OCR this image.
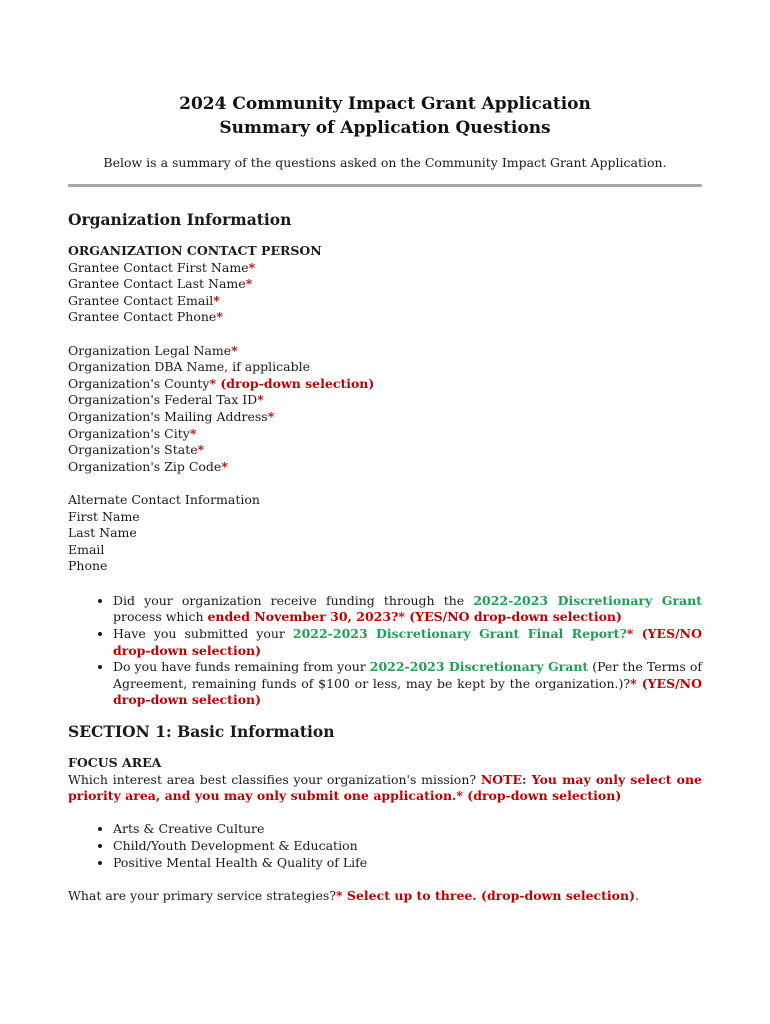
2024 Community Impact Grant Application
Summary of Application Questions
Below is a summary of the questions asked on the Community Impact Grant Application.
Organization Information
ORGANIZATION CONTACT PERSON
Grantee Contact First Name*
Grantee Contact Last Name*
Grantee Contact Email*
Grantee Contact Phone*
Organization Legal Name*
Organization DBA Name, if applicable
Organization's County* (drop-down selection)
Organization's Federal Tax ID*
Organization's Mailing Address*
Organization's City*
Organization's State*
Organization's Zip Code*
Alternate Contact Information
First Name
Last Name
Email
Phone
• Did your organization receive funding through the 2022-2023 Discretionary Grant process which ended November 30, 2023?* (YES/NO drop-down selection)
• Have you submitted your 2022-2023 Discretionary Grant Final Report?* (YES/NO drop-down selection)
• Do you have funds remaining from your 2022-2023 Discretionary Grant (Per the Terms of Agreement, remaining funds of $100 or less, may be kept by the organization.)?* (YES/NO drop-down selection)
SECTION 1: Basic Information
FOCUS AREA
Which interest area best classifies your organization's mission? NOTE: You may only select one priority area, and you may only submit one application.* (drop-down selection)
• Arts & Creative Culture
• Child/Youth Development & Education
• Positive Mental Health & Quality of Life
What are your primary service strategies?* Select up to three. (drop-down selection).
